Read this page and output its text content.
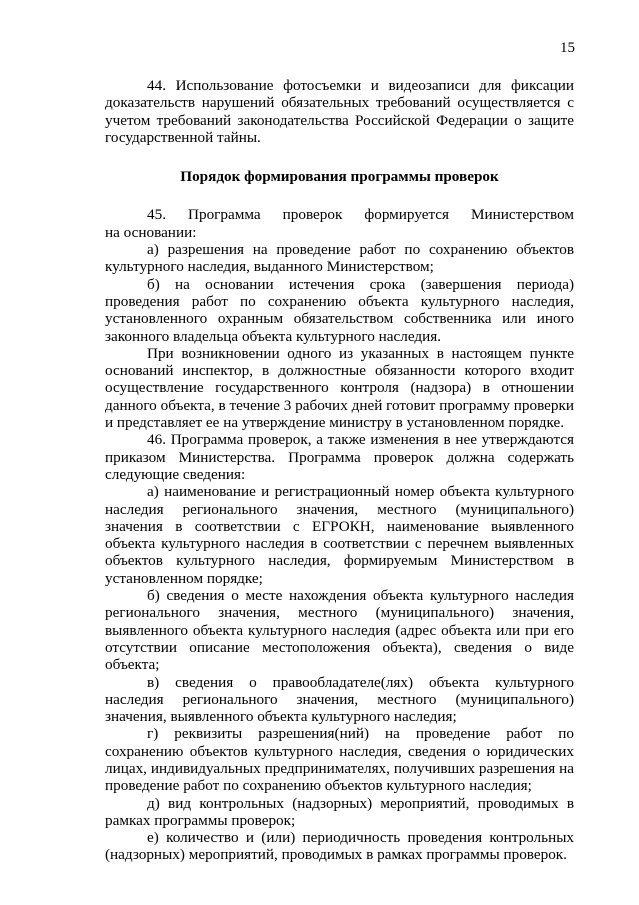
15

44. Использование фотосъемки и видеозаписи для фиксации доказательств нарушений обязательных требований осуществляется с учетом требований законодательства Российской Федерации о защите государственной тайны.

Порядок формирования программы проверок

45. Программа проверок формируется Министерством

на основании:

а) разрешения на проведение работ по сохранению объектов культурного наследия, выданного Министерством;

б) на основании истечения срока (завершения периода) проведения работ по сохранению объекта культурного наследия, установленного охранным обязательством собственника или иного законного владельца объекта культурного наследия.

При возникновении одного из указанных в настоящем пункте оснований инспектор, в должностные обязанности которого входит осуществление государственного контроля (надзора) в отношении данного объекта, в течение 3 рабочих дней готовит программу проверки и представляет ее на утверждение министру в установленном порядке.

46. Программа проверок, а также изменения в нее утверждаются приказом Министерства. Программа проверок должна содержать следующие сведения:

а) наименование и регистрационный номер объекта культурного наследия регионального значения, местного (муниципального) значения в соответствии с ЕГРОКН, наименование выявленного объекта культурного наследия в соответствии с перечнем выявленных объектов культурного наследия, формируемым Министерством в установленном порядке;

б) сведения о месте нахождения объекта культурного наследия регионального значения, местного (муниципального) значения, выявленного объекта культурного наследия (адрес объекта или при его отсутствии описание местоположения объекта), сведения о виде объекта;

в) сведения о правообладателе(лях) объекта культурного наследия регионального значения, местного (муниципального) значения, выявленного объекта культурного наследия;

г) реквизиты разрешения(ний) на проведение работ по сохранению объектов культурного наследия, сведения о юридических лицах, индивидуальных предпринимателях, получивших разрешения на проведение работ по сохранению объектов культурного наследия;

д) вид контрольных (надзорных) мероприятий, проводимых в рамках программы проверок;

е) количество и (или) периодичность проведения контрольных (надзорных) мероприятий, проводимых в рамках программы проверок.
